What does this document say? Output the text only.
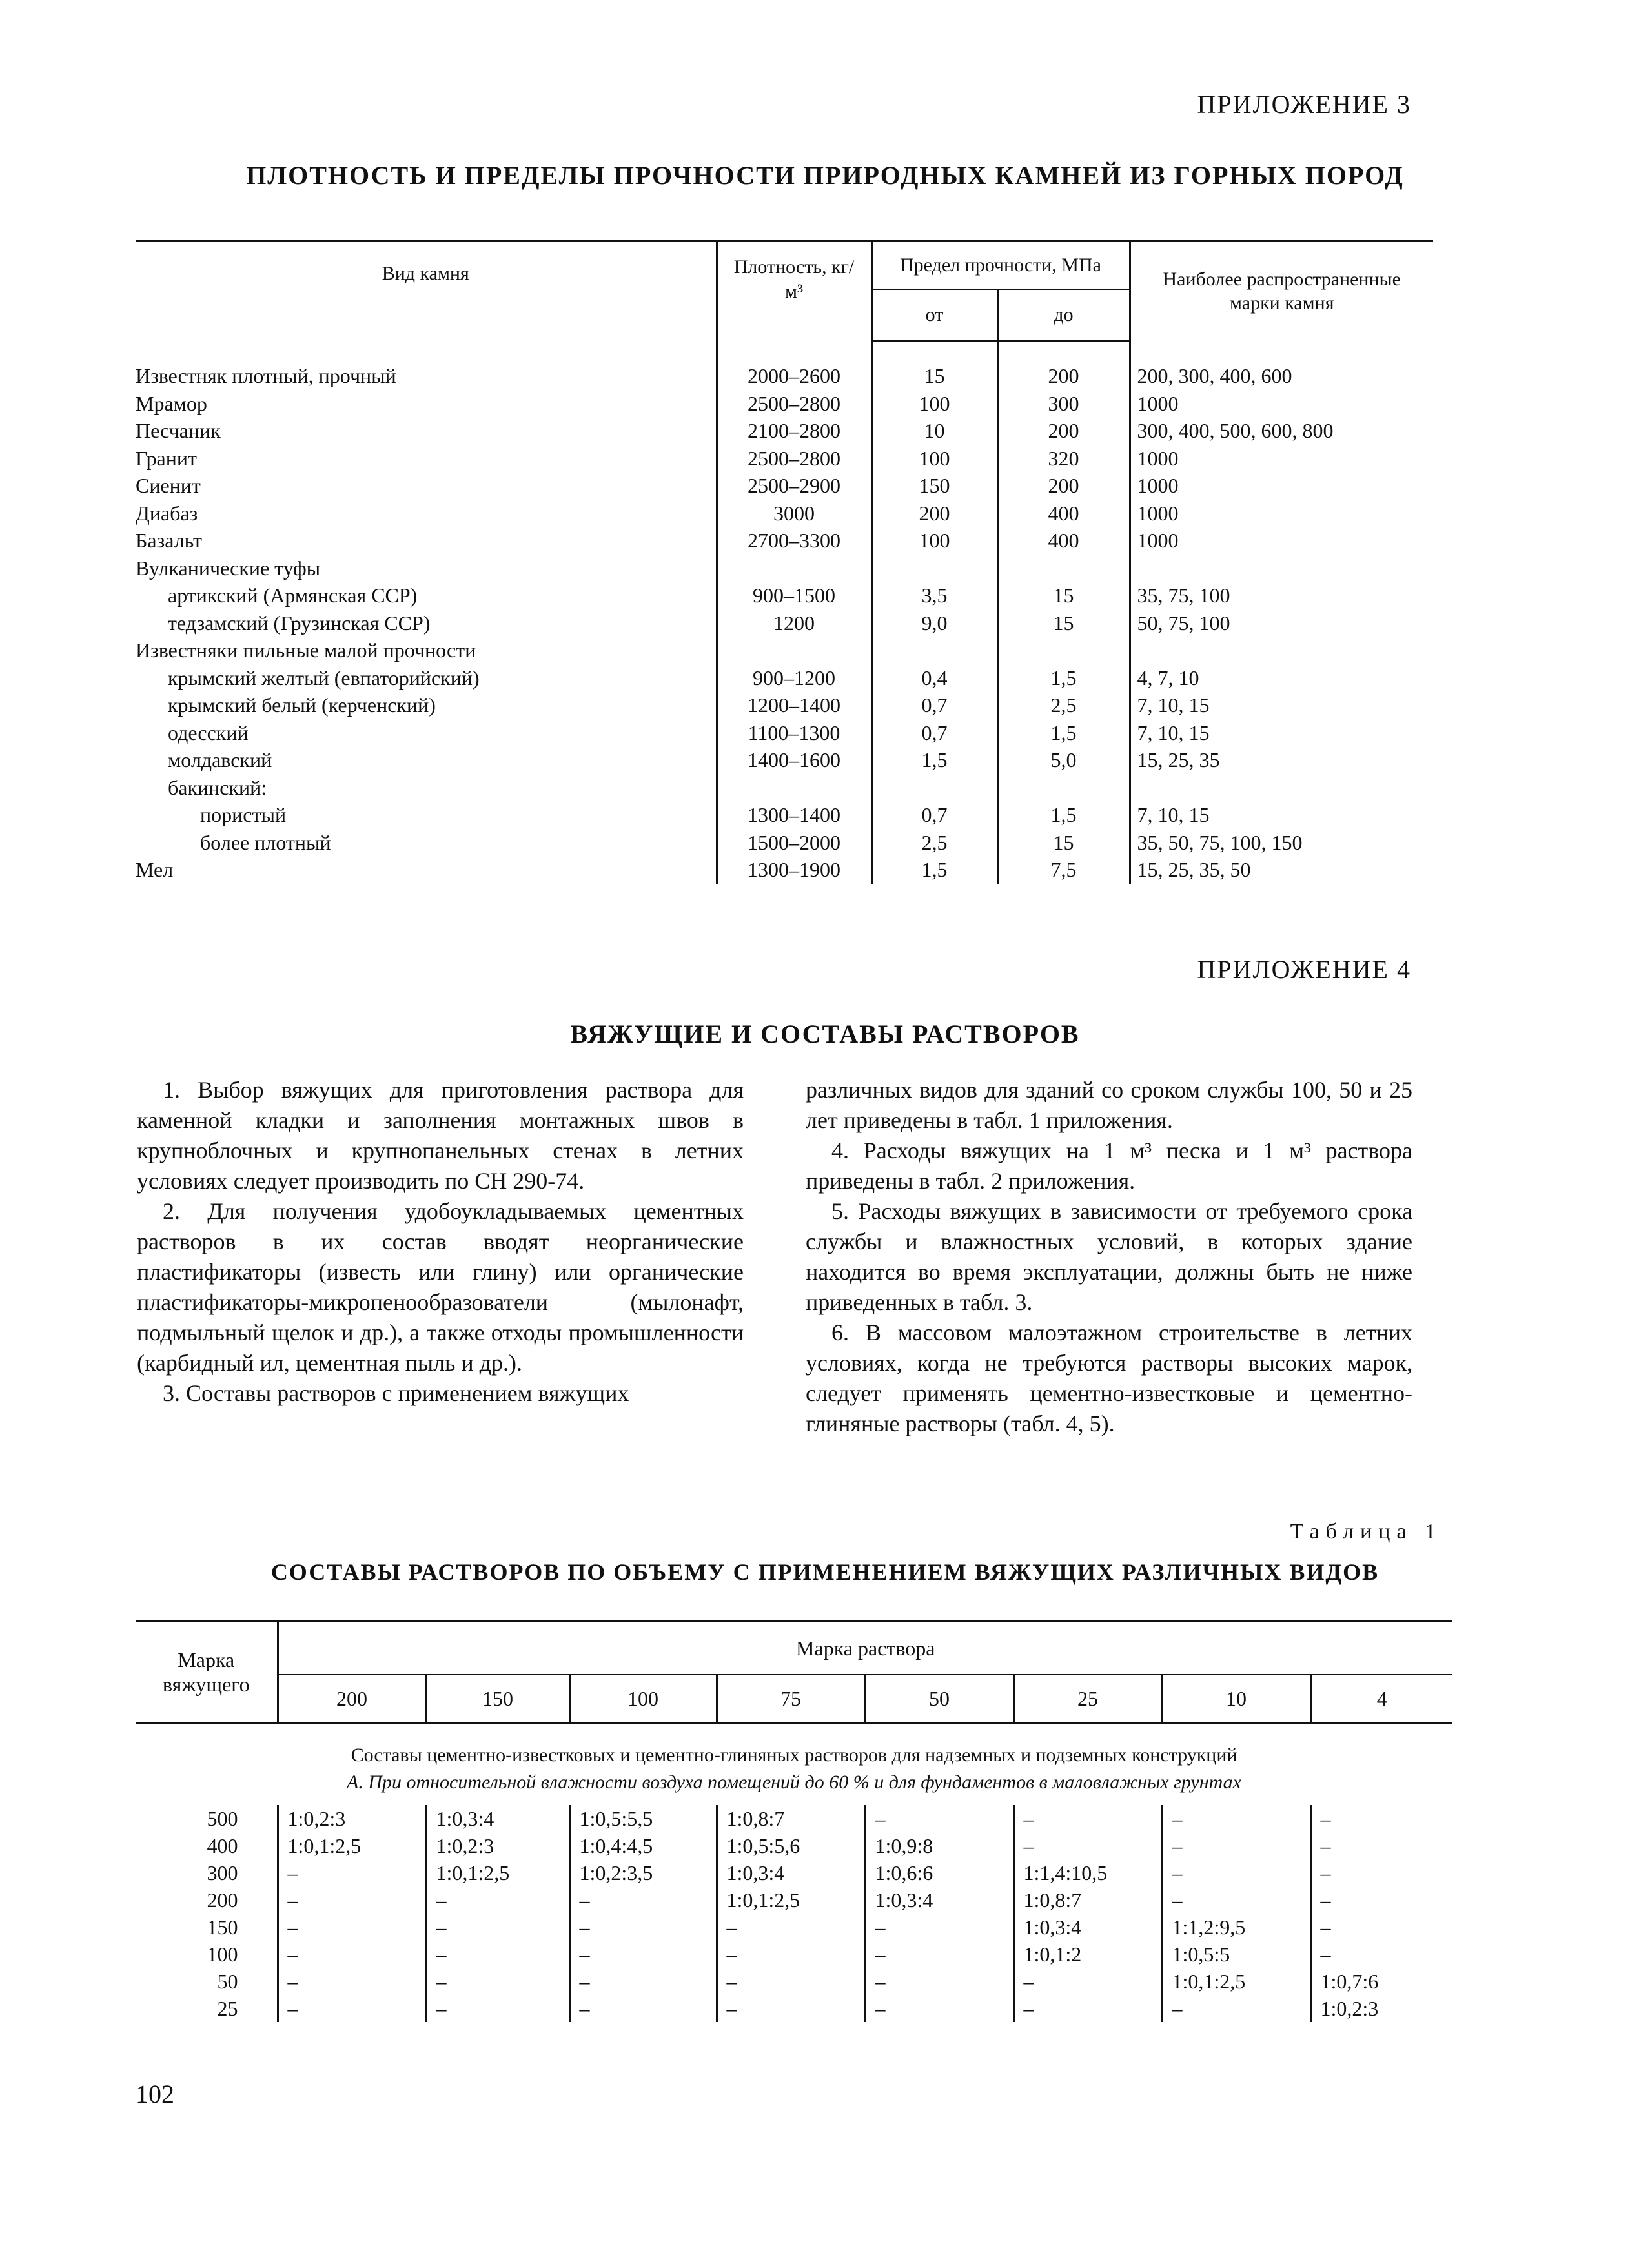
ПРИЛОЖЕНИЕ 3
ПЛОТНОСТЬ И ПРЕДЕЛЫ ПРОЧНОСТИ ПРИРОДНЫХ КАМНЕЙ ИЗ ГОРНЫХ ПОРОД
Вид камня	Плотность, кг/м³	Предел прочности, МПа		Наиболее распространенные марки камня
		от	до	
Известняк плотный, прочный	2000–2600	15	200	200, 300, 400, 600
Мрамор	2500–2800	100	300	1000
Песчаник	2100–2800	10	200	300, 400, 500, 600, 800
Гранит	2500–2800	100	320	1000
Сиенит	2500–2900	150	200	1000
Диабаз	3000	200	400	1000
Базальт	2700–3300	100	400	1000
Вулканические туфы				
артикский (Армянская ССР)	900–1500	3,5	15	35, 75, 100
тедзамский (Грузинская ССР)	1200	9,0	15	50, 75, 100
Известняки пильные малой прочности				
крымский желтый (евпаторийский)	900–1200	0,4	1,5	4, 7, 10
крымский белый (керченский)	1200–1400	0,7	2,5	7, 10, 15
одесский	1100–1300	0,7	1,5	7, 10, 15
молдавский	1400–1600	1,5	5,0	15, 25, 35
бакинский:				
пористый	1300–1400	0,7	1,5	7, 10, 15
более плотный	1500–2000	2,5	15	35, 50, 75, 100, 150
Мел	1300–1900	1,5	7,5	15, 25, 35, 50
ПРИЛОЖЕНИЕ 4
ВЯЖУЩИЕ И СОСТАВЫ РАСТВОРОВ

1. Выбор вяжущих для приготовления раствора для каменной кладки и заполнения монтажных швов в крупноблочных и крупнопанельных стенах в летних условиях следует производить по СН 290-74.

2. Для получения удобоукладываемых цементных растворов в их состав вводят неорганические пластификаторы (известь или глину) или органические пластификаторы-микропенообразователи (мылонафт, подмыльный щелок и др.), а также отходы промышленности (карбидный ил, цементная пыль и др.).

3. Составы растворов с применением вяжущих

различных видов для зданий со сроком службы 100, 50 и 25 лет приведены в табл. 1 приложения.

4. Расходы вяжущих на 1 м³ песка и 1 м³ раствора приведены в табл. 2 приложения.

5. Расходы вяжущих в зависимости от требуемого срока службы и влажностных условий, в которых здание находится во время эксплуатации, должны быть не ниже приведенных в табл. 3.

6. В массовом малоэтажном строительстве в летних условиях, когда не требуются растворы высоких марок, следует применять цементно-известковые и цементно-глиняные растворы (табл. 4, 5).

Таблица 1
СОСТАВЫ РАСТВОРОВ ПО ОБЪЕМУ С ПРИМЕНЕНИЕМ ВЯЖУЩИХ РАЗЛИЧНЫХ ВИДОВ
Марка вяжущего	Марка раствора							
	200	150	100	75	50	25	10	4
Составы цементно-известковых и цементно-глиняных растворов для надземных и подземных конструкций								
А. При относительной влажности воздуха помещений до 60 % и для фундаментов в маловлажных грунтах								
500	1:0,2:3	1:0,3:4	1:0,5:5,5	1:0,8:7	–	–	–	–
400	1:0,1:2,5	1:0,2:3	1:0,4:4,5	1:0,5:5,6	1:0,9:8	–	–	–
300	–	1:0,1:2,5	1:0,2:3,5	1:0,3:4	1:0,6:6	1:1,4:10,5	–	–
200	–	–	–	1:0,1:2,5	1:0,3:4	1:0,8:7	–	–
150	–	–	–	–	–	1:0,3:4	1:1,2:9,5	–
100	–	–	–	–	–	1:0,1:2	1:0,5:5	–
50	–	–	–	–	–	–	1:0,1:2,5	1:0,7:6
25	–	–	–	–	–	–	–	1:0,2:3
102
